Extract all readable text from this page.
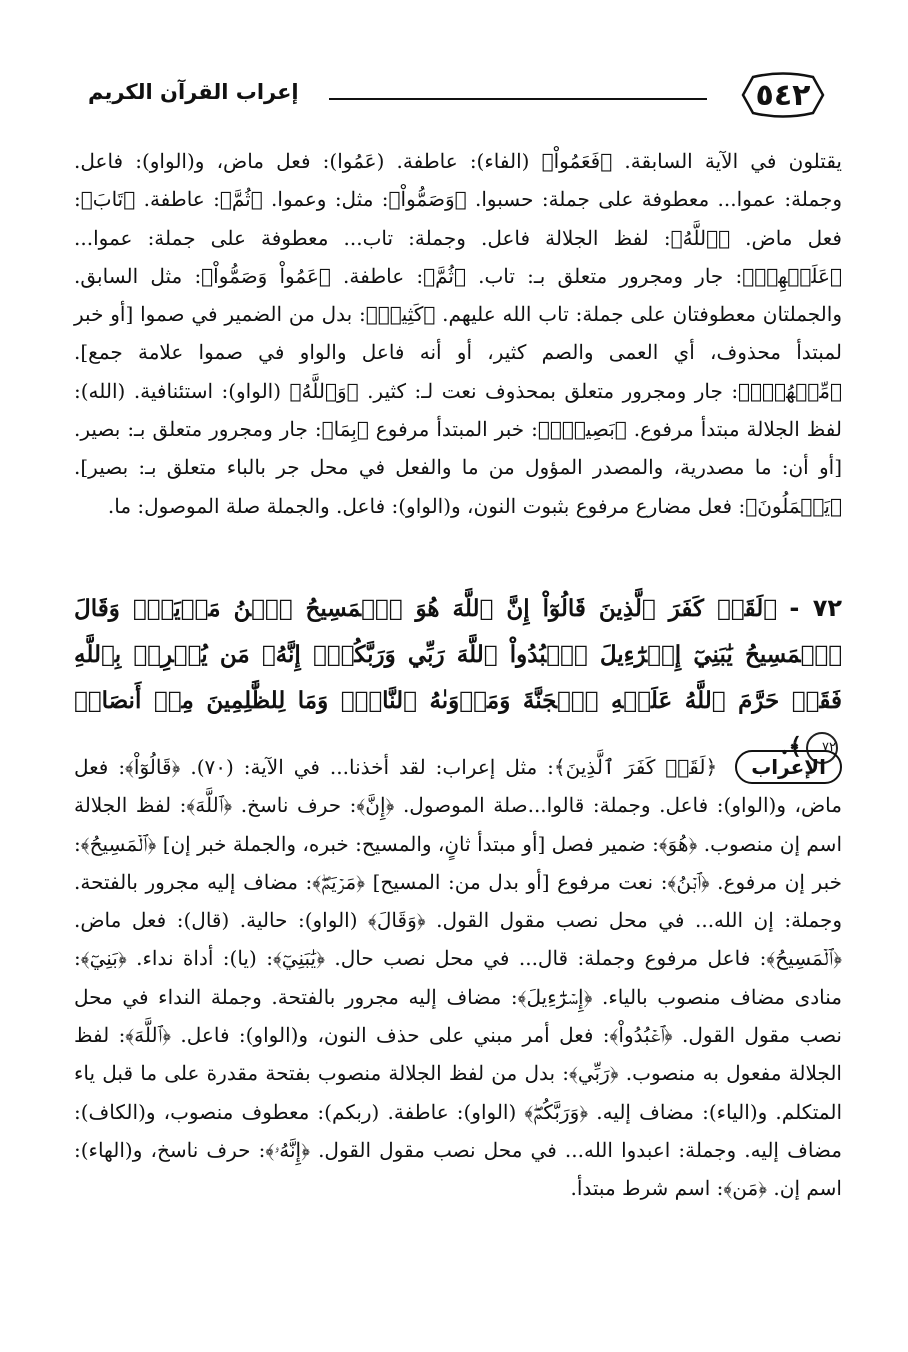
٥٤٢
إعراب القرآن الكريم
يقتلون في الآية السابقة. ﴿فَعَمُواْ﴾ (الفاء): عاطفة. (عَمُوا): فعل ماض، و(الواو): فاعل. وجملة: عموا... معطوفة على جملة: حسبوا. ﴿وَصَمُّواْ﴾: مثل: وعموا. ﴿ثُمَّ﴾: عاطفة. ﴿تَابَ﴾: فعل ماض. ﴿ٱللَّهُ﴾: لفظ الجلالة فاعل. وجملة: تاب... معطوفة على جملة: عموا... ﴿عَلَيۡهِمۡ﴾: جار ومجرور متعلق بـ: تاب. ﴿ثُمَّ﴾: عاطفة. ﴿عَمُواْ وَصَمُّواْ﴾: مثل السابق. والجملتان معطوفتان على جملة: تاب الله عليهم. ﴿كَثِيرٞ﴾: بدل من الضمير في صموا [أو خبر لمبتدأ محذوف، أي العمى والصم كثير، أو أنه فاعل والواو في صموا علامة جمع]. ﴿مِّنۡهُمۡۚ﴾: جار ومجرور متعلق بمحذوف نعت لـ: كثير. ﴿وَٱللَّهُ﴾ (الواو): استئنافية. (الله): لفظ الجلالة مبتدأ مرفوع. ﴿بَصِيرُۢ﴾: خبر المبتدأ مرفوع ﴿بِمَا﴾: جار ومجرور متعلق بـ: بصير. [أو أن: ما مصدرية، والمصدر المؤول من ما والفعل في محل جر بالباء متعلق بـ: بصير]. ﴿يَعۡمَلُونَ﴾: فعل مضارع مرفوع بثبوت النون، و(الواو): فاعل. والجملة صلة الموصول: ما.
٧٢ - ﴿لَقَدۡ كَفَرَ ٱلَّذِينَ قَالُوٓاْ إِنَّ ٱللَّهَ هُوَ ٱلۡمَسِيحُ ٱبۡنُ مَرۡيَمَۖ وَقَالَ ٱلۡمَسِيحُ يَٰبَنِيٓ إِسۡرَٰٓءِيلَ ٱعۡبُدُواْ ٱللَّهَ رَبِّي وَرَبَّكُمۡۖ إِنَّهُۥ مَن يُشۡرِكۡ بِٱللَّهِ فَقَدۡ حَرَّمَ ٱللَّهُ عَلَيۡهِ ٱلۡجَنَّةَ وَمَأۡوَىٰهُ ٱلنَّارُۖ وَمَا لِلظَّٰلِمِينَ مِنۡ أَنصَارٖ ٧٢﴾.
الإعراب ﴿لَقَدۡ كَفَرَ ٱلَّذِينَ﴾: مثل إعراب: لقد أخذنا... في الآية: (٧٠). ﴿قَالُوٓاْ﴾: فعل ماض، و(الواو): فاعل. وجملة: قالوا...صلة الموصول. ﴿إِنَّ﴾: حرف ناسخ. ﴿ٱللَّهَ﴾: لفظ الجلالة اسم إن منصوب. ﴿هُوَ﴾: ضمير فصل [أو مبتدأ ثانٍ، والمسيح: خبره، والجملة خبر إن] ﴿ٱلۡمَسِيحُ﴾: خبر إن مرفوع. ﴿ٱبۡنُ﴾: نعت مرفوع [أو بدل من: المسيح] ﴿مَرۡيَمَۖ﴾: مضاف إليه مجرور بالفتحة. وجملة: إن الله... في محل نصب مقول القول. ﴿وَقَالَ﴾ (الواو): حالية. (قال): فعل ماض. ﴿ٱلۡمَسِيحُ﴾: فاعل مرفوع وجملة: قال... في محل نصب حال. ﴿يَٰبَنِيٓ﴾: (يا): أداة نداء. ﴿بَنِيٓ﴾: منادى مضاف منصوب بالياء. ﴿إِسۡرَٰٓءِيلَ﴾: مضاف إليه مجرور بالفتحة. وجملة النداء في محل نصب مقول القول. ﴿ٱعۡبُدُواْ﴾: فعل أمر مبني على حذف النون، و(الواو): فاعل. ﴿ٱللَّهَ﴾: لفظ الجلالة مفعول به منصوب. ﴿رَبِّي﴾: بدل من لفظ الجلالة منصوب بفتحة مقدرة على ما قبل ياء المتكلم. و(الياء): مضاف إليه. ﴿وَرَبَّكُمۡۖ﴾ (الواو): عاطفة. (ربكم): معطوف منصوب، و(الكاف): مضاف إليه. وجملة: اعبدوا الله... في محل نصب مقول القول. ﴿إِنَّهُۥ﴾: حرف ناسخ، و(الهاء): اسم إن. ﴿مَن﴾: اسم شرط مبتدأ.
